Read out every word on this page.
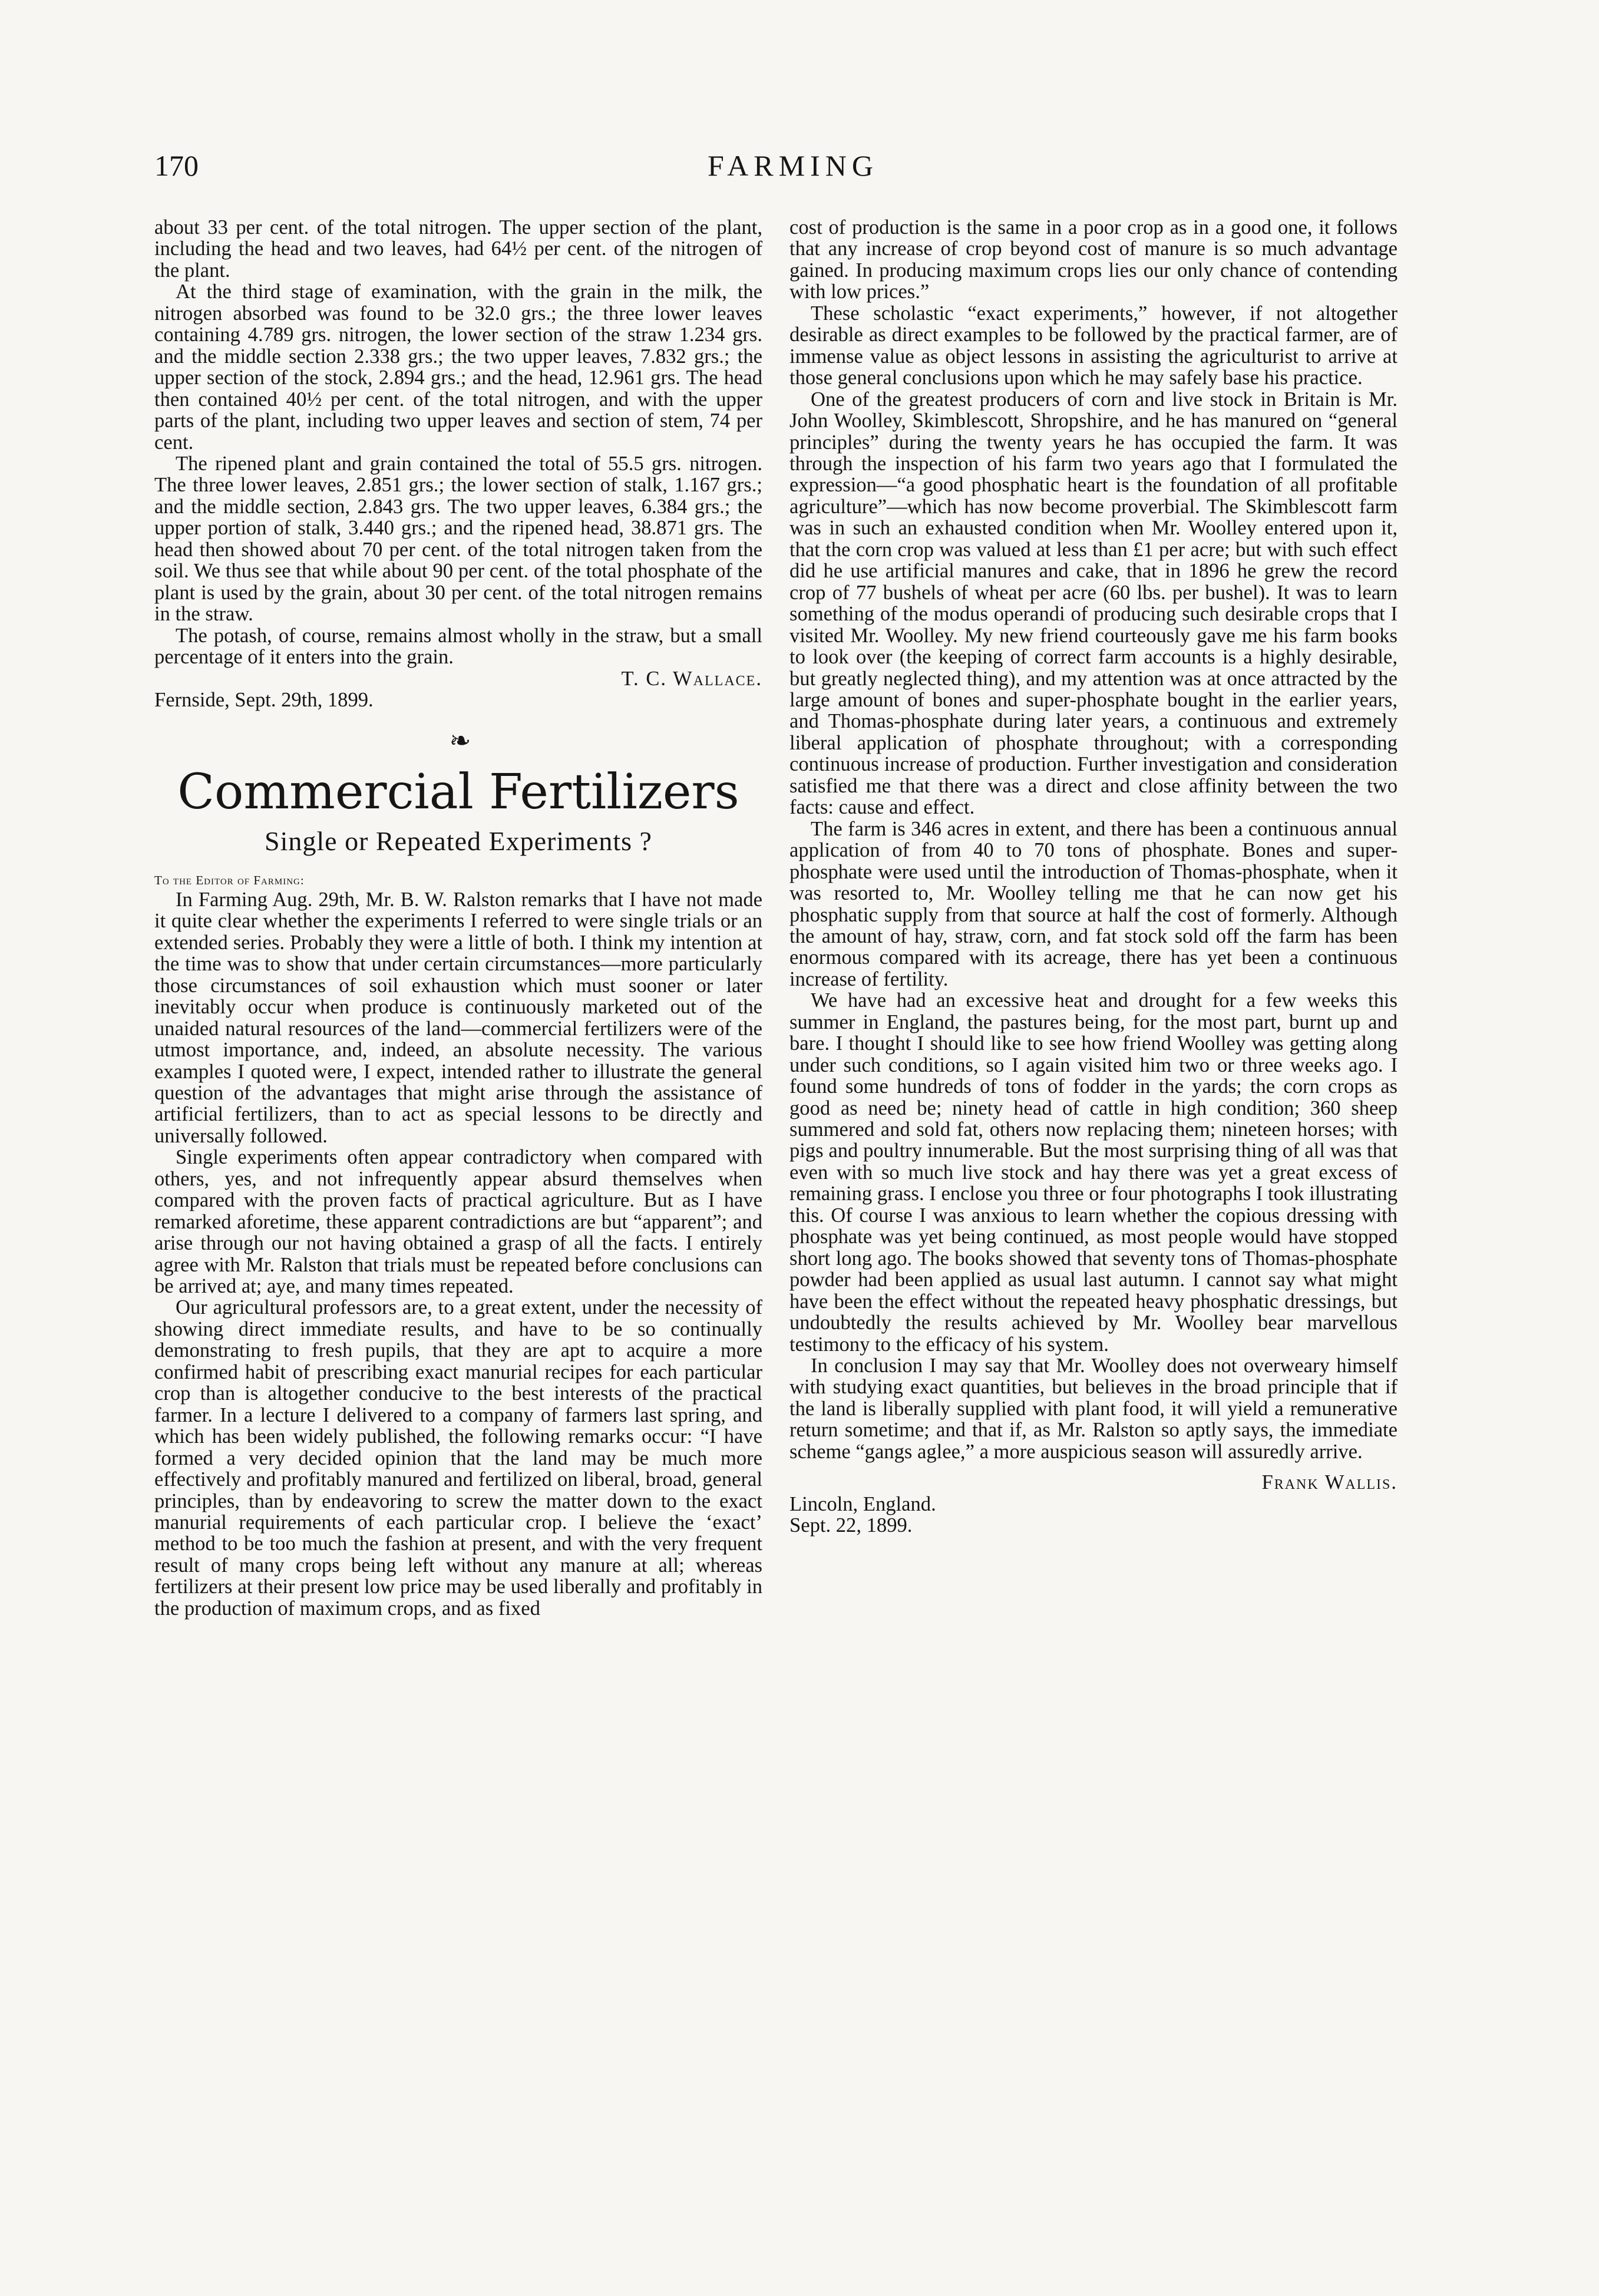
170	FARMING

about 33 per cent. of the total nitrogen. The upper section of the plant, including the head and two leaves, had 64½ per cent. of the nitrogen of the plant.

At the third stage of examination, with the grain in the milk, the nitrogen absorbed was found to be 32.0 grs.; the three lower leaves containing 4.789 grs. nitrogen, the lower section of the straw 1.234 grs. and the middle section 2.338 grs.; the two upper leaves, 7.832 grs.; the upper section of the stock, 2.894 grs.; and the head, 12.961 grs. The head then contained 40½ per cent. of the total nitrogen, and with the upper parts of the plant, including two upper leaves and section of stem, 74 per cent.

The ripened plant and grain contained the total of 55.5 grs. nitrogen. The three lower leaves, 2.851 grs.; the lower section of stalk, 1.167 grs.; and the middle section, 2.843 grs. The two upper leaves, 6.384 grs.; the upper portion of stalk, 3.440 grs.; and the ripened head, 38.871 grs. The head then showed about 70 per cent. of the total nitrogen taken from the soil. We thus see that while about 90 per cent. of the total phosphate of the plant is used by the grain, about 30 per cent. of the total nitrogen remains in the straw.

The potash, of course, remains almost wholly in the straw, but a small percentage of it enters into the grain.

T. C. Wallace.

Fernside, Sept. 29th, 1899.

❧
Commercial Fertilizers
Single or Repeated Experiments ?

To the Editor of Farming:

In Farming Aug. 29th, Mr. B. W. Ralston remarks that I have not made it quite clear whether the experiments I referred to were single trials or an extended series. Probably they were a little of both. I think my intention at the time was to show that under certain circumstances—more particularly those circumstances of soil exhaustion which must sooner or later inevitably occur when produce is continuously marketed out of the unaided natural resources of the land—commercial fertilizers were of the utmost importance, and, indeed, an absolute necessity. The various examples I quoted were, I expect, intended rather to illustrate the general question of the advantages that might arise through the assistance of artificial fertilizers, than to act as special lessons to be directly and universally followed.

Single experiments often appear contradictory when compared with others, yes, and not infrequently appear absurd themselves when compared with the proven facts of practical agriculture. But as I have remarked aforetime, these apparent contradictions are but “apparent”; and arise through our not having obtained a grasp of all the facts. I entirely agree with Mr. Ralston that trials must be repeated before conclusions can be arrived at; aye, and many times repeated.

Our agricultural professors are, to a great extent, under the necessity of showing direct immediate results, and have to be so continually demonstrating to fresh pupils, that they are apt to acquire a more confirmed habit of prescribing exact manurial recipes for each particular crop than is altogether conducive to the best interests of the practical farmer. In a lecture I delivered to a company of farmers last spring, and which has been widely published, the following remarks occur: “I have formed a very decided opinion that the land may be much more effectively and profitably manured and fertilized on liberal, broad, general principles, than by endeavoring to screw the matter down to the exact manurial requirements of each particular crop. I believe the ‘exact’ method to be too much the fashion at present, and with the very frequent result of many crops being left without any manure at all; whereas fertilizers at their present low price may be used liberally and profitably in the production of maximum crops, and as fixed

cost of production is the same in a poor crop as in a good one, it follows that any increase of crop beyond cost of manure is so much advantage gained. In producing maximum crops lies our only chance of contending with low prices.”

These scholastic “exact experiments,” however, if not altogether desirable as direct examples to be followed by the practical farmer, are of immense value as object lessons in assisting the agriculturist to arrive at those general conclusions upon which he may safely base his practice.

One of the greatest producers of corn and live stock in Britain is Mr. John Woolley, Skimblescott, Shropshire, and he has manured on “general principles” during the twenty years he has occupied the farm. It was through the inspection of his farm two years ago that I formulated the expression—“a good phosphatic heart is the foundation of all profitable agriculture”—which has now become proverbial. The Skimblescott farm was in such an exhausted condition when Mr. Woolley entered upon it, that the corn crop was valued at less than £1 per acre; but with such effect did he use artificial manures and cake, that in 1896 he grew the record crop of 77 bushels of wheat per acre (60 lbs. per bushel). It was to learn something of the modus operandi of producing such desirable crops that I visited Mr. Woolley. My new friend courteously gave me his farm books to look over (the keeping of correct farm accounts is a highly desirable, but greatly neglected thing), and my attention was at once attracted by the large amount of bones and super-phosphate bought in the earlier years, and Thomas-phosphate during later years, a continuous and extremely liberal application of phosphate throughout; with a corresponding continuous increase of production. Further investigation and consideration satisfied me that there was a direct and close affinity between the two facts: cause and effect.

The farm is 346 acres in extent, and there has been a continuous annual application of from 40 to 70 tons of phosphate. Bones and super-phosphate were used until the introduction of Thomas-phosphate, when it was resorted to, Mr. Woolley telling me that he can now get his phosphatic supply from that source at half the cost of formerly. Although the amount of hay, straw, corn, and fat stock sold off the farm has been enormous compared with its acreage, there has yet been a continuous increase of fertility.

We have had an excessive heat and drought for a few weeks this summer in England, the pastures being, for the most part, burnt up and bare. I thought I should like to see how friend Woolley was getting along under such conditions, so I again visited him two or three weeks ago. I found some hundreds of tons of fodder in the yards; the corn crops as good as need be; ninety head of cattle in high condition; 360 sheep summered and sold fat, others now replacing them; nineteen horses; with pigs and poultry innumerable. But the most surprising thing of all was that even with so much live stock and hay there was yet a great excess of remaining grass. I enclose you three or four photographs I took illustrating this. Of course I was anxious to learn whether the copious dressing with phosphate was yet being continued, as most people would have stopped short long ago. The books showed that seventy tons of Thomas-phosphate powder had been applied as usual last autumn. I cannot say what might have been the effect without the repeated heavy phosphatic dressings, but undoubtedly the results achieved by Mr. Woolley bear marvellous testimony to the efficacy of his system.

In conclusion I may say that Mr. Woolley does not overweary himself with studying exact quantities, but believes in the broad principle that if the land is liberally supplied with plant food, it will yield a remunerative return sometime; and that if, as Mr. Ralston so aptly says, the immediate scheme “gangs aglee,” a more auspicious season will assuredly arrive.

Frank Wallis.

Lincoln, England.

Sept. 22, 1899.
